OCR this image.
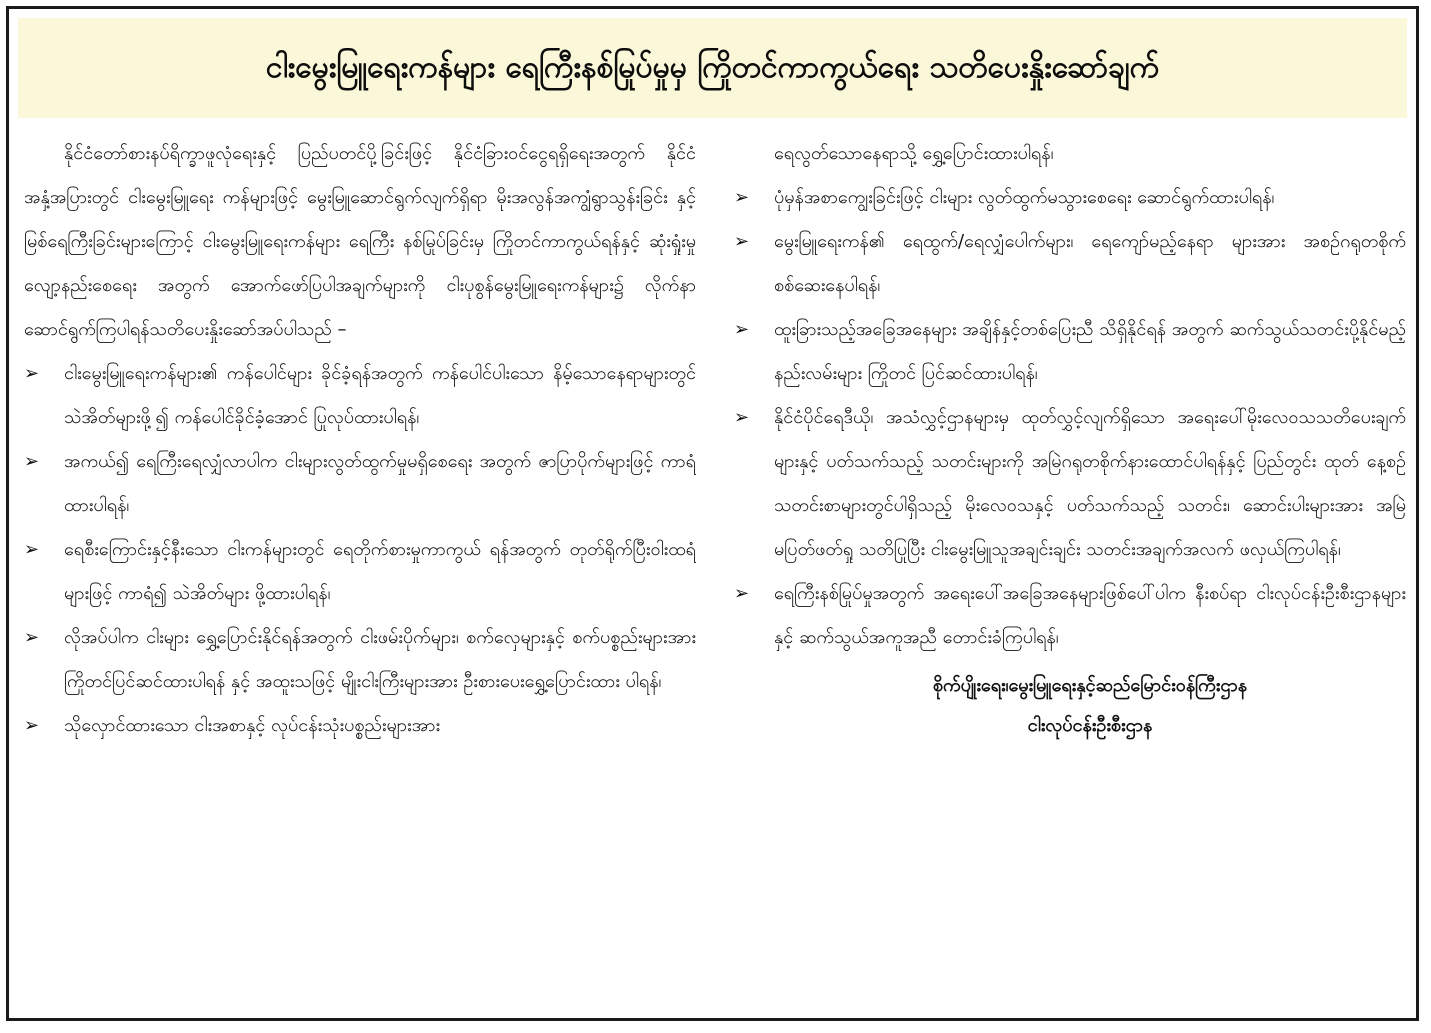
ငါးမွေးမြူရေးကန်များ ရေကြီးနစ်မြုပ်မှုမှ ကြိုတင်ကာကွယ်ရေး သတိပေးနှိုးဆော်ချက်

နိုင်ငံတော်စားနပ်ရိက္ခာဖူလုံရေးနှင့် ပြည်ပတင်ပို့ခြင်းဖြင့် နိုင်ငံခြားဝင်ငွေရရှိရေးအတွက် နိုင်ငံအနှံ့အပြားတွင် ငါးမွေးမြူရေး ကန်များဖြင့် မွေးမြူဆောင်ရွက်လျက်ရှိရာ မိုးအလွန်အကျွံရွာသွန်းခြင်း နှင့် မြစ်ရေကြီးခြင်းများကြောင့် ငါးမွေးမြူရေးကန်များ ရေကြီး နစ်မြုပ်ခြင်းမှ ကြိုတင်ကာကွယ်ရန်နှင့် ဆုံးရှုံးမှုလျော့နည်းစေရေး အတွက် အောက်ဖော်ပြပါအချက်များကို ငါးပုစွန်မွေးမြူရေးကန်များ၌ လိုက်နာဆောင်ရွက်ကြပါရန်သတိပေးနှိုးဆော်အပ်ပါသည် –

➢	ငါးမွေးမြူရေးကန်များ၏ ကန်ပေါင်များ ခိုင်ခံ့ရန်အတွက် ကန်ပေါင်ပါးသော နိမ့်သောနေရာများတွင် သဲအိတ်များဖို့၍ ကန်ပေါင်ခိုင်ခံ့အောင် ပြုလုပ်ထားပါရန်၊
➢	အကယ်၍ ရေကြီးရေလျှံလာပါက ငါးများလွတ်ထွက်မှုမရှိစေရေး အတွက် ဇာပြာပိုက်များဖြင့် ကာရံထားပါရန်၊
➢	ရေစီးကြောင်းနှင့်နီးသော ငါးကန်များတွင် ရေတိုက်စားမှုကာကွယ် ရန်အတွက် တုတ်ရိုက်ပြီးဝါးထရံများဖြင့် ကာရံ၍ သဲအိတ်များ ဖို့ထားပါရန်၊
➢	လိုအပ်ပါက ငါးများ ရွှေ့ပြောင်းနိုင်ရန်အတွက် ငါးဖမ်းပိုက်များ၊ စက်လှေများနှင့် စက်ပစ္စည်းများအား ကြိုတင်ပြင်ဆင်ထားပါရန် နှင့် အထူးသဖြင့် မျိုးငါးကြီးများအား ဦးစားပေးရွှေ့ပြောင်းထား ပါရန်၊
➢	သိုလှောင်ထားသော ငါးအစာနှင့် လုပ်ငန်းသုံးပစ္စည်းများအား
ရေလွတ်သောနေရာသို့ ရွှေ့ပြောင်းထားပါရန်၊
➢	ပုံမှန်အစာကျွေးခြင်းဖြင့် ငါးများ လွတ်ထွက်မသွားစေရေး ဆောင်ရွက်ထားပါရန်၊
➢	မွေးမြူရေးကန်၏ ရေထွက်/ရေလျှံပေါက်များ၊ ရေကျော်မည့်နေရာ များအား အစဉ်ဂရုတစိုက်စစ်ဆေးနေပါရန်၊
➢	ထူးခြားသည့်အခြေအနေများ အချိန်နှင့်တစ်ပြေးညီ သိရှိနိုင်ရန် အတွက် ဆက်သွယ်သတင်းပို့နိုင်မည့်နည်းလမ်းများ ကြိုတင် ပြင်ဆင်ထားပါရန်၊
➢	နိုင်ငံပိုင်ရေဒီယို၊ အသံလွှင့်ဌာနများမှ ထုတ်လွှင့်လျက်ရှိသော အရေးပေါ်မိုးလေဝသသတိပေးချက်များနှင့် ပတ်သက်သည့် သတင်းများကို အမြဲဂရုတစိုက်နားထောင်ပါရန်နှင့် ပြည်တွင်း ထုတ် နေ့စဉ်သတင်းစာများတွင်ပါရှိသည့် မိုးလေဝသနှင့် ပတ်သက်သည့် သတင်း၊ ဆောင်းပါးများအား အမြဲမပြတ်ဖတ်ရှု သတိပြုပြီး ငါးမွေးမြူသူအချင်းချင်း သတင်းအချက်အလက် ဖလှယ်ကြပါရန်၊
➢	ရေကြီးနစ်မြုပ်မှုအတွက် အရေးပေါ်အခြေအနေများဖြစ်ပေါ်ပါက နီးစပ်ရာ ငါးလုပ်ငန်းဦးစီးဌာနများနှင့် ဆက်သွယ်အကူအညီ တောင်းခံကြပါရန်၊
စိုက်ပျိုးရေး၊မွေးမြူရေးနှင့်ဆည်မြောင်းဝန်ကြီးဌာန
ငါးလုပ်ငန်းဦးစီးဌာန
